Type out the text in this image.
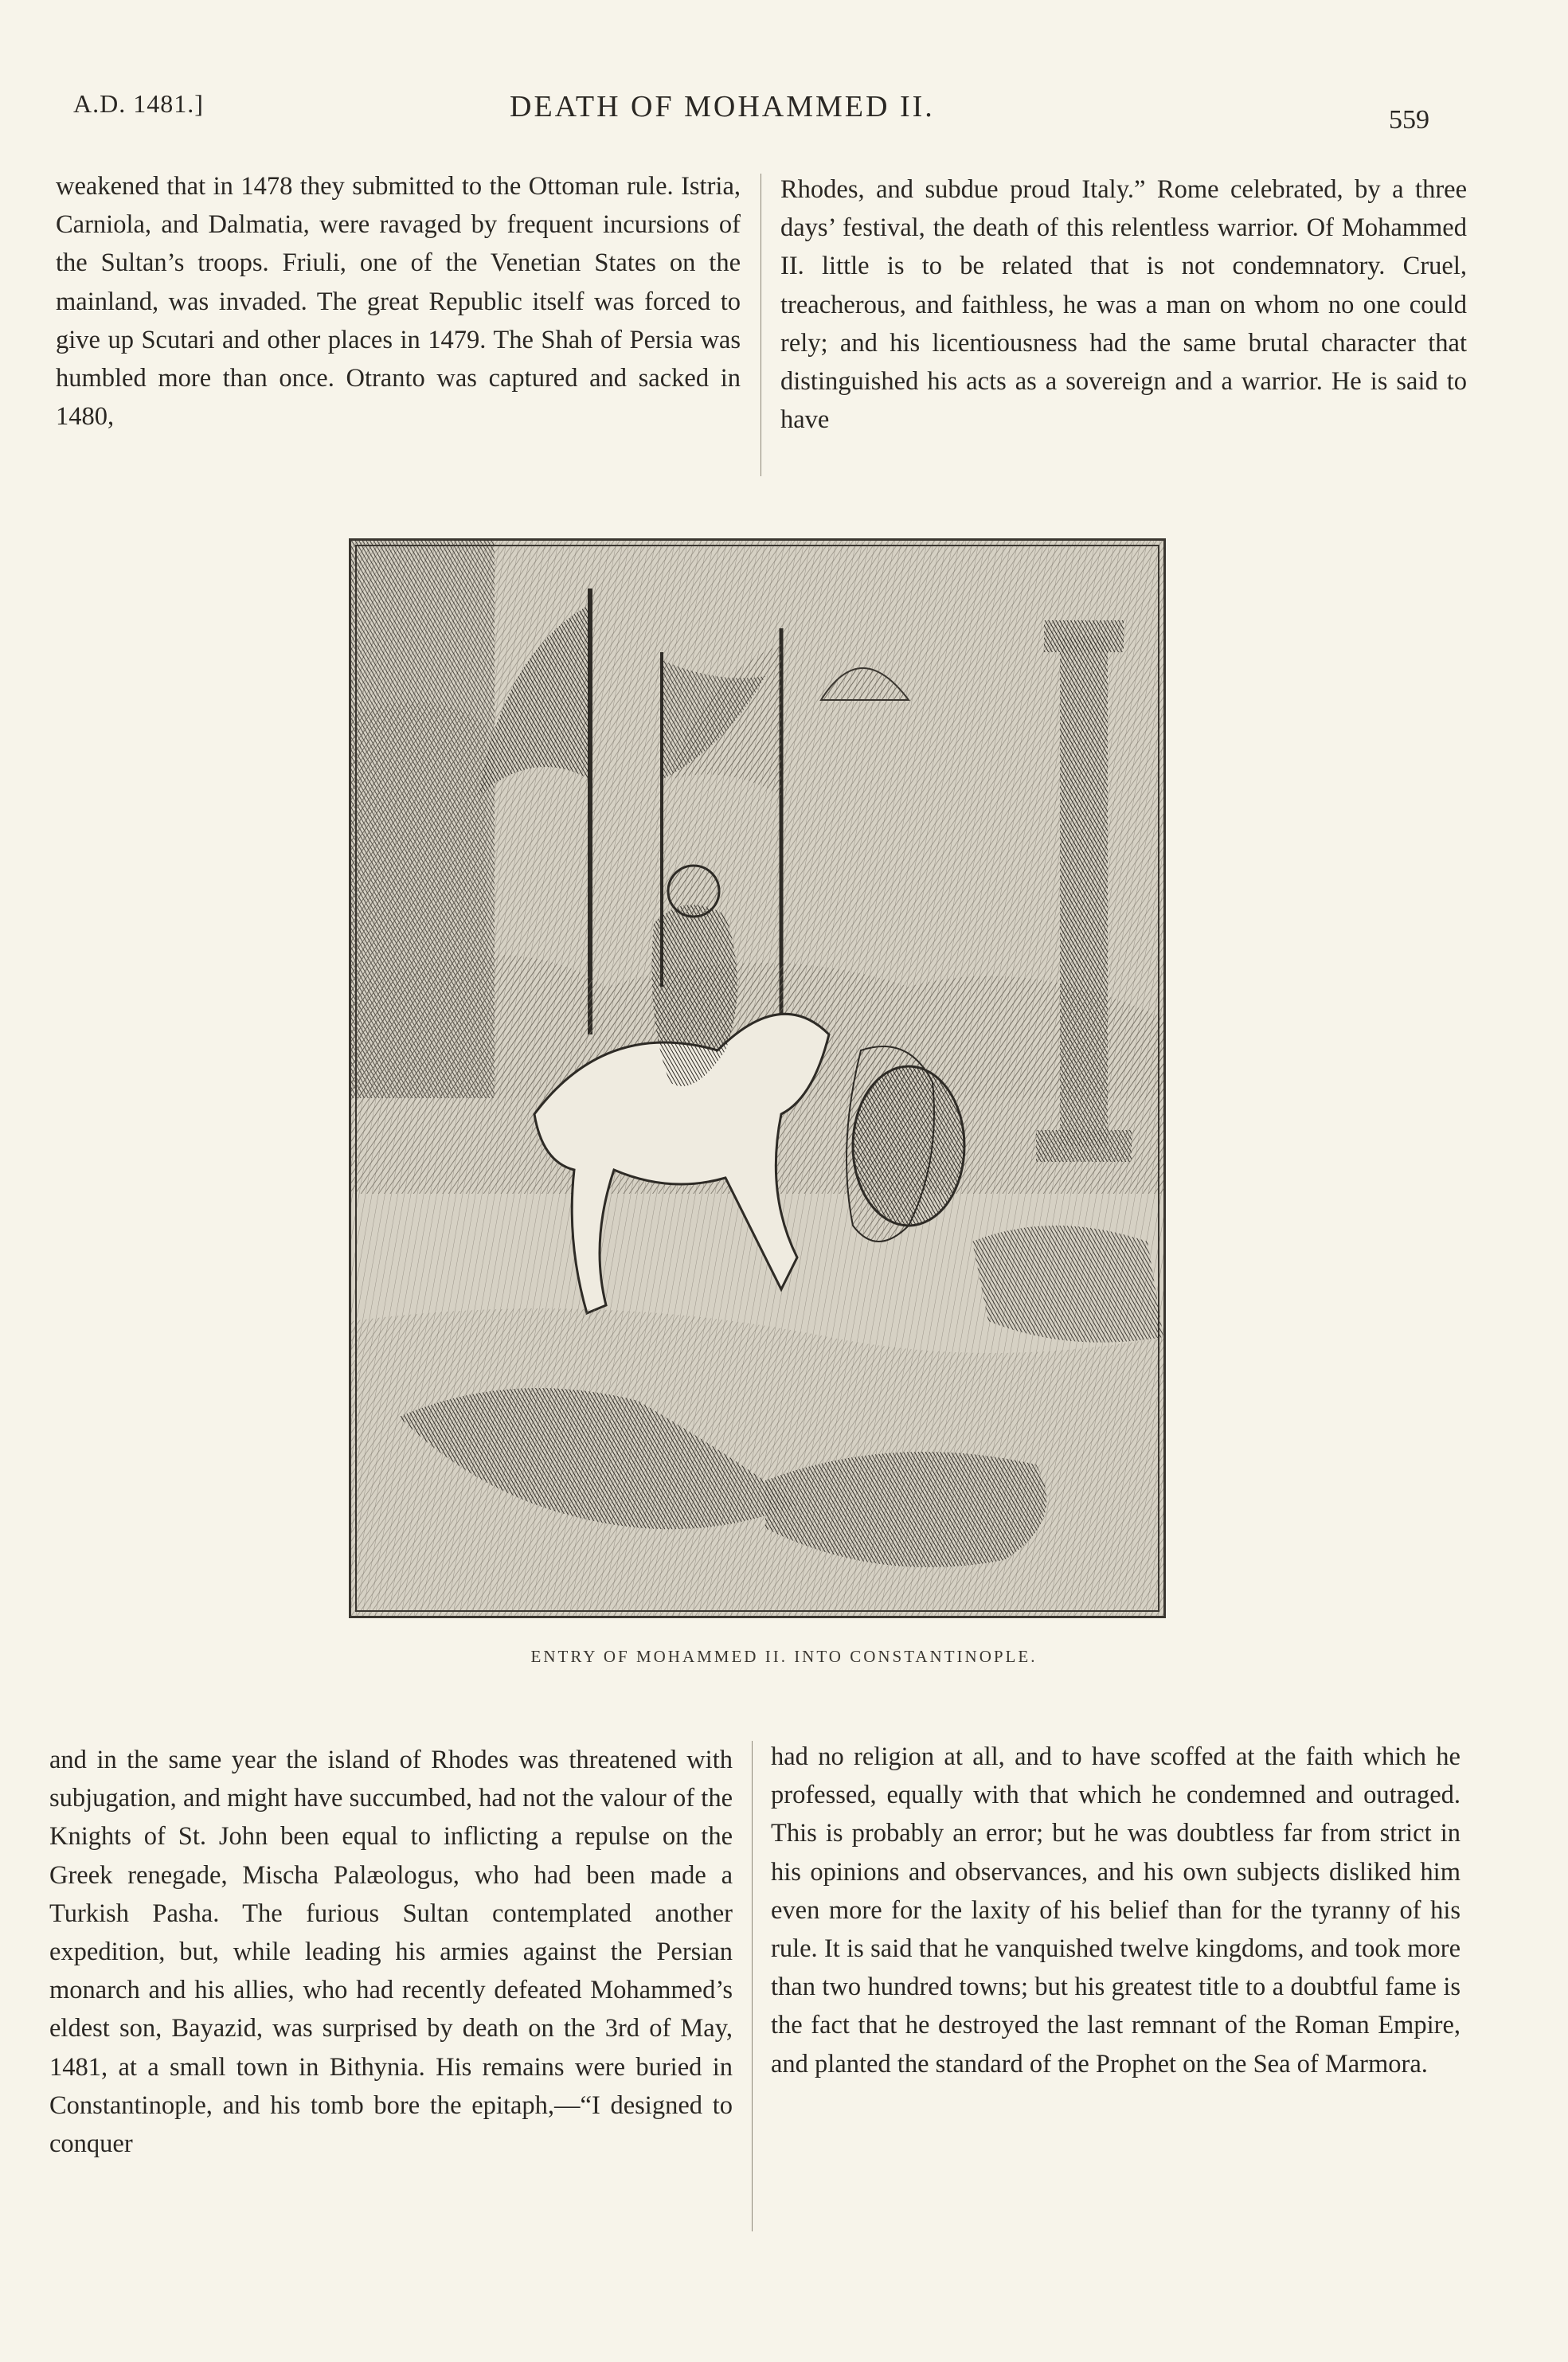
A.D. 1481.]	DEATH OF MOHAMMED II.	559

weakened that in 1478 they submitted to the Ottoman rule. Istria, Carniola, and Dalmatia, were ravaged by frequent incursions of the Sultan’s troops. Friuli, one of the Venetian States on the mainland, was invaded. The great Republic itself was forced to give up Scutari and other places in 1479. The Shah of Persia was humbled more than once. Otranto was captured and sacked in 1480,

Rhodes, and subdue proud Italy.” Rome celebrated, by a three days’ festival, the death of this relentless warrior. Of Mohammed II. little is to be related that is not condemnatory. Cruel, treacherous, and faithless, he was a man on whom no one could rely; and his licentiousness had the same brutal character that distinguished his acts as a sovereign and a warrior. He is said to have

ENTRY OF MOHAMMED II. INTO CONSTANTINOPLE.

and in the same year the island of Rhodes was threatened with subjugation, and might have succumbed, had not the valour of the Knights of St. John been equal to inflicting a repulse on the Greek renegade, Mischa Palæologus, who had been made a Turkish Pasha. The furious Sultan contemplated another expedition, but, while leading his armies against the Persian monarch and his allies, who had recently defeated Mohammed’s eldest son, Bayazid, was surprised by death on the 3rd of May, 1481, at a small town in Bithynia. His remains were buried in Constantinople, and his tomb bore the epitaph,—“I designed to conquer

had no religion at all, and to have scoffed at the faith which he professed, equally with that which he condemned and outraged. This is probably an error; but he was doubtless far from strict in his opinions and observances, and his own subjects disliked him even more for the laxity of his belief than for the tyranny of his rule. It is said that he vanquished twelve kingdoms, and took more than two hundred towns; but his greatest title to a doubtful fame is the fact that he destroyed the last remnant of the Roman Empire, and planted the standard of the Prophet on the Sea of Marmora.
